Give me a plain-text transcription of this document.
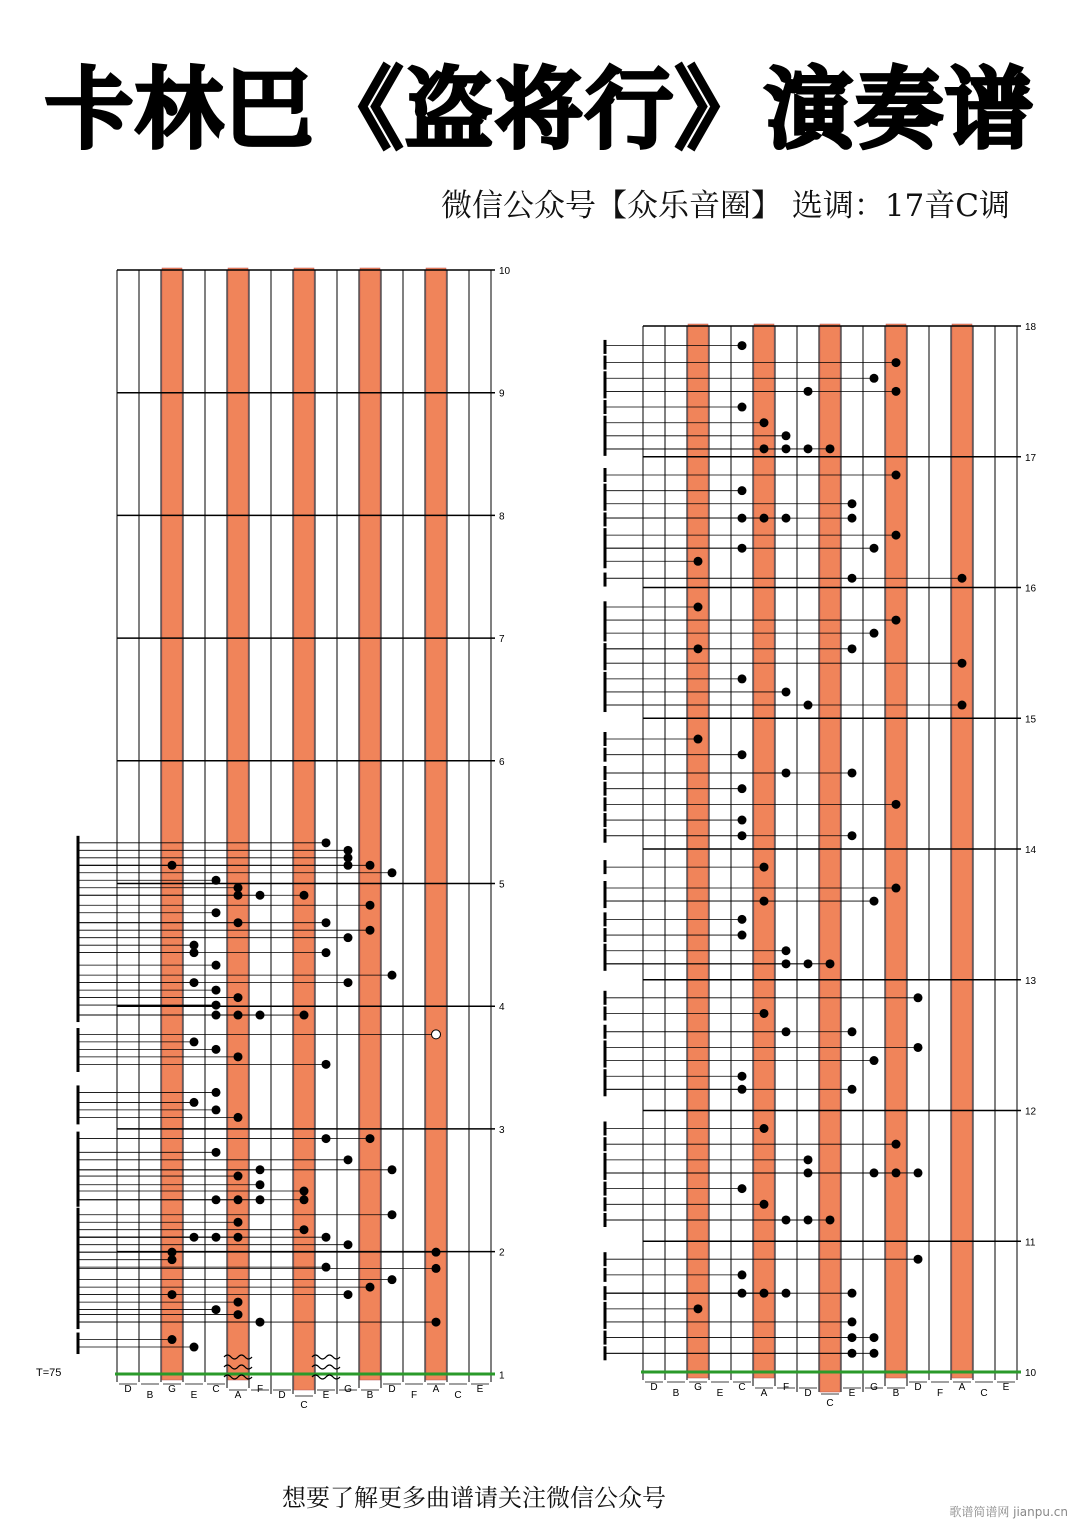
卡林巴《盗将行》演奏谱
微信公众号【众乐音圈】 选调：17音C调
T=75
10
9
8
7
6
5
4
3
2
1
D
B
G
E
C
A
F
D
C
E
G
B
D
F
A
C
E
18
17
16
15
14
13
12
11
10
D
B
G
E
C
A
F
D
C
E
G
B
D
F
A
C
E
想要了解更多曲谱请关注微信公众号	歌谱简谱网 jianpu.cn
